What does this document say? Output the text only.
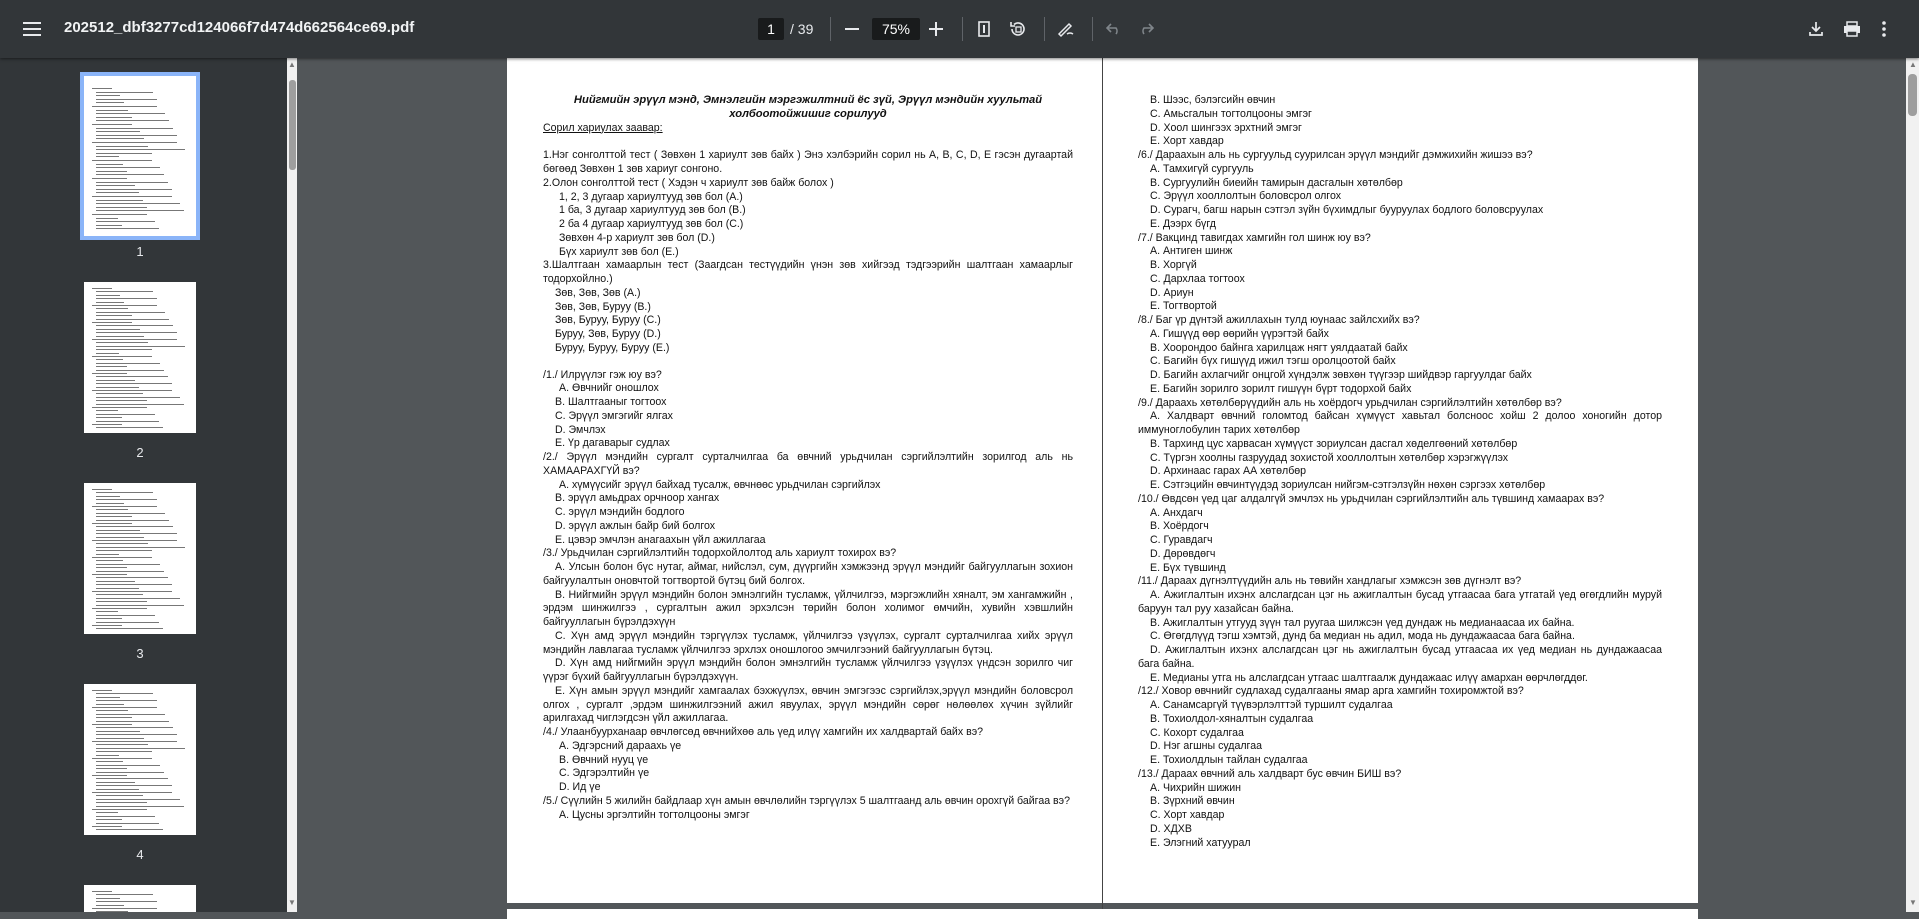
202512_dbf3277cd124066f7d474d662564ce69.pdf
1	/ 39
75%
1
2
3
4
▲
▼

Нийгмийн эрүүл мэнд, Эмнэлгийн мэргэжилтний ёс зүй, Эрүүл мэндийн хуультай холбоотойжишиг сорилууд

Сорил хариулах заавар:

1.Нэг сонголттой тест ( Зөвхөн 1 хариулт зөв байх ) Энэ хэлбэрийн сорил нь A, B, C, D, E гэсэн дугаартай бөгөөд Зөвхөн 1 зөв хариуг сонгоно.

2.Олон сонголттой тест ( Хэдэн ч хариулт зөв байж болох )

1, 2, 3 дугаар хариултууд зөв бол (A.)

1 ба, 3 дугаар хариултууд зөв бол (B.)

2 ба 4 дугаар хариултууд зөв бол (C.)

Зөвхөн 4-р хариулт зөв бол (D.)

Бүх хариулт зөв бол (E.)

3.Шалтгаан хамаарлын тест (Заагдсан тестүүдийн үнэн зөв хийгээд тэдгээрийн шалтгаан хамаарлыг тодорхойлно.)

Зөв, Зөв, Зөв (A.)

Зөв, Зөв, Буруу (B.)

Зөв, Буруу, Буруу (C.)

Буруу, Зөв, Буруу (D.)

Буруу, Буруу, Буруу (E.)

/1./ Илрүүлэг гэж юу вэ?

A. Өвчнийг оношлох

B. Шалтгааныг тогтоох

C. Эрүүл эмгэгийг ялгах

D. Эмчлэх

E. Үр дагаварыг судлах

/2./ Эрүүл мэндийн сургалт сурталчилгаа ба өвчний урьдчилан сэргийлэлтийн зорилгод аль нь ХАМААРАХГҮЙ вэ?

A. хүмүүсийг эрүүл байхад тусалж, өвчнөөс урьдчилан сэргийлэх

B. эрүүл амьдрах орчноор хангах

C. эрүүл мэндийн бодлого

D. эрүүл ажлын байр бий болгох

E. цэвэр эмчлэн анагаахын үйл ажиллагаа

/3./ Урьдчилан сэргийлэлтийн тодорхойлолтод аль хариулт тохирох вэ?

A. Улсын болон бүс нутаг, аймаг, нийслэл, сум, дүүргийн хэмжээнд эрүүл мэндийг байгууллагын зохион байгуулалтын оновчтой тогтвортой бүтэц бий болгох.

B. Нийгмийн эрүүл мэндийн болон эмнэлгийн тусламж, үйлчилгээ, мэргэжлийн хяналт, эм хангамжийн , эрдэм шинжилгээ , сургалтын ажил эрхэлсэн төрийн болон холимог өмчийн, хувийн хэвшлийн байгууллагын бүрэлдэхүүн

C. Хүн амд эрүүл мэндийн тэргүүлэх тусламж, үйлчилгээ үзүүлэх, сургалт сурталчилгаа хийх эрүүл мэндийн лавлагаа тусламж үйлчилгээ эрхлэх оношлогоо эмчилгээний байгууллагын бүтэц.

D. Хүн амд нийгмийн эрүүл мэндийн болон эмнэлгийн тусламж үйлчилгээ үзүүлэх үндсэн зорилго чиг үүрэг бүхий байгууллагын бүрэлдэхүүн.

E. Хүн амын эрүүл мэндийг хамгаалах бэхжүүлэх, өвчин эмгэгээс сэргийлэх,эрүүл мэндийн боловсрол олгох , сургалт ,эрдэм шинжилгээний ажил явуулах, эрүүл мэндийн сөрөг нөлөөлөх хүчин зүйлийг арилгахад чиглэгдсэн үйл ажиллагаа.

/4./ Улаанбуурханаар өвчлөгсөд өвчнийхөө аль үед илүү хамгийн их халдвартай байх вэ?

A. Эдгэрсний дараахь үе

B. Өвчний нууц үе

C. Эдгэрэлтийн үе

D. Ид үе

/5./ Сүүлийн 5 жилийн байдлаар хүн амын өвчлөлийн тэргүүлэх 5 шалтгаанд аль өвчин орохгүй байгаа вэ?

A. Цусны эргэлтийн тогтолцооны эмгэг

B. Шээс, бэлэгсийн өвчин

C. Амьсгалын тогтолцооны эмгэг

D. Хоол шингээх эрхтний эмгэг

E. Хорт хавдар

/6./ Дараахын аль нь сургуульд суурилсан эрүүл мэндийг дэмжихийн жишээ вэ?

A. Тамхигүй сургууль

B. Сургуулийн биеийн тамирын дасгалын хөтөлбөр

C. Эрүүл хооллолтын боловсрол олгох

D. Сурагч, багш нарын сэтгэл зүйн бүхимдлыг бууруулах бодлого боловсруулах

E. Дээрх бүгд

/7./ Вакцинд тавигдах хамгийн гол шинж юу вэ?

A. Антиген шинж

B. Хоргүй

C. Дархлаа тогтоох

D. Ариун

E. Тогтвортой

/8./ Баг үр дүнтэй ажиллахын тулд юунаас зайлсхийх вэ?

A. Гишүүд өөр өөрийн үүрэгтэй байх

B. Хоорондоо байнга харилцаж нягт уялдаатай байх

C. Багийн бүх гишүүд ижил тэгш оролцоотой байх

D. Багийн ахлагчийг онцгой хүндэлж зөвхөн түүгээр шийдвэр гаргуулдаг байх

E. Багийн зорилго зорилт гишүүн бүрт тодорхой байх

/9./ Дараахь хөтөлбөрүүдийн аль нь хоёрдогч урьдчилан сэргийлэлтийн хөтөлбөр вэ?

A. Халдварт өвчний голомтод байсан хүмүүст хавьтал болсноос хойш 2 долоо хоногийн дотор иммуноглобулин тарих хөтөлбөр

B. Тархинд цус харвасан хүмүүст зориулсан дасгал хөделгөөний хөтөлбөр

C. Түргэн хоолны газруудад зохистой хооллолтын хөтөлбөр хэрэгжүүлэх

D. Архинаас гарах АА хөтөлбөр

E. Сэтгэцийн өвчинтүүдэд зориулсан нийгэм-сэтгэлзүйн нөхөн сэргээх хөтөлбөр

/10./ Өвдсөн үед цаг алдалгүй эмчлэх нь урьдчилан сэргийлэлтийн аль түвшинд хамаарах вэ?

A. Анхдагч

B. Хоёрдогч

C. Гуравдагч

D. Дөрөвдөгч

E. Бүх түвшинд

/11./ Дараах дүгнэлтүүдийн аль нь төвийн хандлагыг хэмжсэн зөв дүгнэлт вэ?

A. Ажиглалтын ихэнх алслагдсан цэг нь ажиглалтын бусад утгаасаа бага утгатай үед өгөгдлийн муруй баруун тал руу хазайсан байна.

B. Ажиглалтын утгууд зүүн тал руугаа шилжсэн үед дундаж нь медианаасаа их байна.

C. Өгөгдлүүд тэгш хэмтэй, дунд ба медиан нь адил, мода нь дундажаасаа бага байна.

D. Ажиглалтын ихэнх алслагдсан цэг нь ажиглалтын бусад утгаасаа их үед медиан нь дундажаасаа бага байна.

E. Медианы утга нь алслагдсан утгаас шалтгаалж дундажаас илүү амархан өөрчлөгддөг.

/12./ Ховор өвчнийг судлахад судалгааны ямар арга хамгийн тохиромжтой вэ?

A. Санамсаргүй түүвэрлэлттэй туршилт судалгаа

B. Тохиолдол-хяналтын судалгаа

C. Кохорт судалгаа

D. Нэг агшны судалгаа

E. Тохиолдлын тайлан судалгаа

/13./ Дараах өвчний аль халдварт бус өвчин БИШ вэ?

A. Чихрийн шижин

B. Зүрхний өвчин

C. Хорт хавдар

D. ХДХВ

E. Элэгний хатуурал

▲
▼
